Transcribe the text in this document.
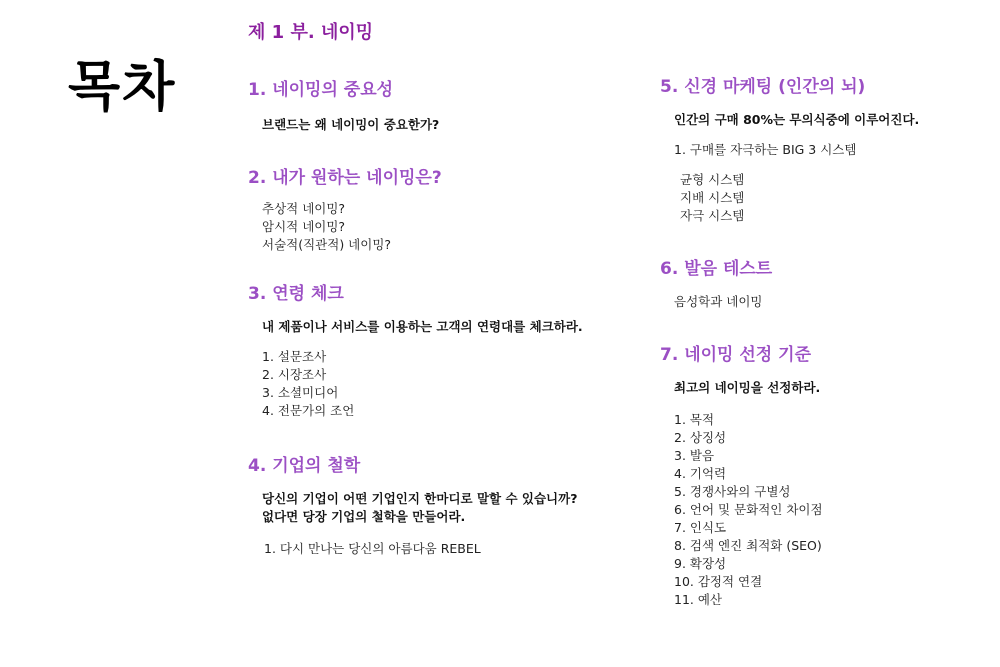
목차
제 1 부. 네이밍
1. 네이밍의 중요성

브랜드는 왜 네이밍이 중요한가?

2. 내가 원하는 네이밍은?
추상적 네이밍?
암시적 네이밍?
서술적(직관적) 네이밍?
3. 연령 체크

내 제품이나 서비스를 이용하는 고객의 연령대를 체크하라.

1. 설문조사
2. 시장조사
3. 소셜미디어
4. 전문가의 조언
4. 기업의 철학

당신의 기업이 어떤 기업인지 한마디로 말할 수 있습니까?

없다면 당장 기업의 철학을 만들어라.

1. 다시 만나는 당신의 아름다움 REBEL
5. 신경 마케팅 (인간의 뇌)

인간의 구매 80%는 무의식중에 이루어진다.

1. 구매를 자극하는 BIG 3 시스템

균형 시스템
지배 시스템
자극 시스템
6. 발음 테스트

음성학과 네이밍

7. 네이밍 선정 기준

최고의 네이밍을 선정하라.

1. 목적
2. 상징성
3. 발음
4. 기억력
5. 경쟁사와의 구별성
6. 언어 및 문화적인 차이점
7. 인식도
8. 검색 엔진 최적화 (SEO)
9. 확장성
10. 감정적 연결
11. 예산
